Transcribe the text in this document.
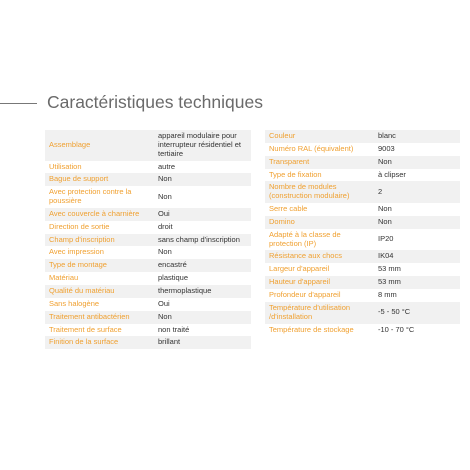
Caractéristiques techniques
Assemblage	appareil modulaire pour interrupteur résidentiel et tertiaire
Utilisation	autre
Bague de support	Non
Avec protection contre la poussière	Non
Avec couvercle à charnière	Oui
Direction de sortie	droit
Champ d'inscription	sans champ d'inscription
Avec impression	Non
Type de montage	encastré
Matériau	plastique
Qualité du matériau	thermoplastique
Sans halogène	Oui
Traitement antibactérien	Non
Traitement de surface	non traité
Finition de la surface	brillant
Couleur	blanc
Numéro RAL (équivalent)	9003
Transparent	Non
Type de fixation	à clipser
Nombre de modules (construction modulaire)	2
Serre cable	Non
Domino	Non
Adapté à la classe de protection (IP)	IP20
Résistance aux chocs	IK04
Largeur d'appareil	53 mm
Hauteur d'appareil	53 mm
Profondeur d'appareil	8 mm
Température d'utilisation /d'installation	-5 - 50 °C
Température de stockage	-10 - 70 °C
